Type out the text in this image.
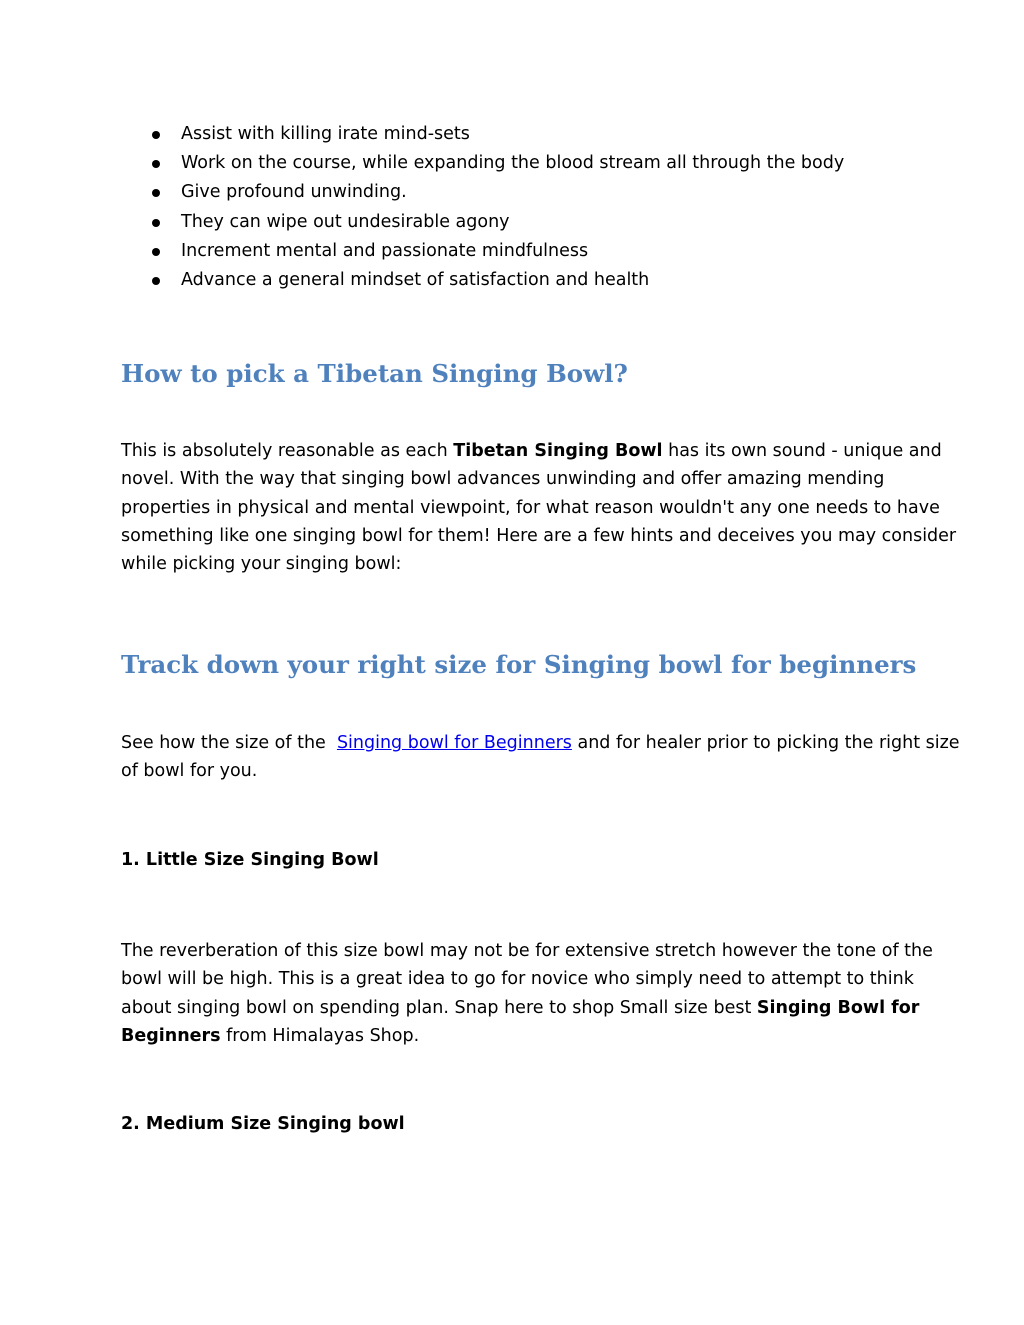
Assist with killing irate mind-sets
Work on the course, while expanding the blood stream all through the body
Give profound unwinding.
They can wipe out undesirable agony
Increment mental and passionate mindfulness
Advance a general mindset of satisfaction and health
How to pick a Tibetan Singing Bowl?
This is absolutely reasonable as each Tibetan Singing Bowl has its own sound - unique and
novel. With the way that singing bowl advances unwinding and offer amazing mending
properties in physical and mental viewpoint, for what reason wouldn't any one needs to have
something like one singing bowl for them! Here are a few hints and deceives you may consider
while picking your singing bowl:
Track down your right size for Singing bowl for beginners
See how the size of the  Singing bowl for Beginners and for healer prior to picking the right size
of bowl for you.
1. Little Size Singing Bowl
The reverberation of this size bowl may not be for extensive stretch however the tone of the
bowl will be high. This is a great idea to go for novice who simply need to attempt to think
about singing bowl on spending plan. Snap here to shop Small size best Singing Bowl for
Beginners from Himalayas Shop.
2. Medium Size Singing bowl
